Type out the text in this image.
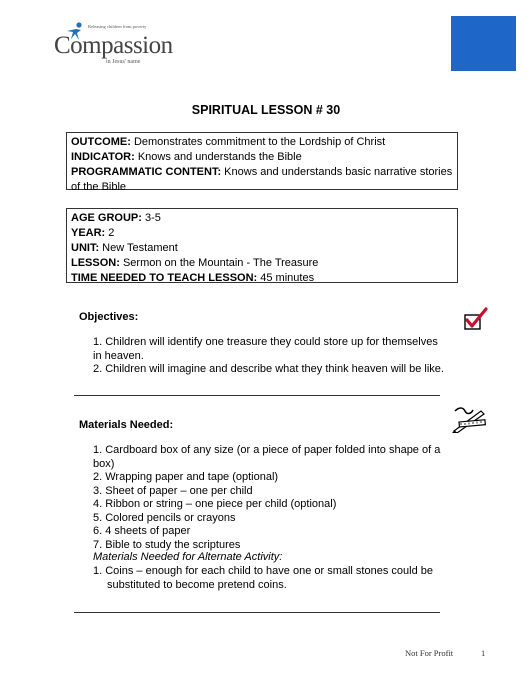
Releasing children from poverty
Compassion
in Jesus' name
SPIRITUAL LESSON # 30
OUTCOME: Demonstrates commitment to the Lordship of Christ
INDICATOR: Knows and understands the Bible
PROGRAMMATIC CONTENT: Knows and understands basic narrative stories of the Bible
AGE GROUP: 3-5
YEAR: 2
UNIT: New Testament
LESSON: Sermon on the Mountain - The Treasure
TIME NEEDED TO TEACH LESSON: 45 minutes
Objectives:
1. Children will identify one treasure they could store up for themselves in heaven.
2. Children will imagine and describe what they think heaven will be like.
Materials Needed:
1. Cardboard box of any size (or a piece of paper folded into shape of a box)
2. Wrapping paper and tape (optional)
3. Sheet of paper – one per child
4. Ribbon or string – one piece per child (optional)
5. Colored pencils or crayons
6. 4 sheets of paper
7. Bible to study the scriptures
Materials Needed for Alternate Activity:
1. Coins – enough for each child to have one or small stones could be substituted to become pretend coins.
Not For Profit	1
